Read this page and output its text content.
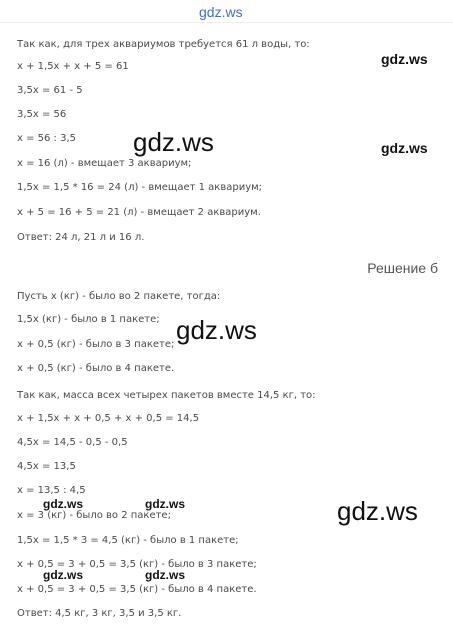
gdz.ws
Так как, для трех аквариумов требуется 61 л воды, то:
x + 1,5x + x + 5 = 61
3,5x = 61 - 5
3,5x = 56
x = 56 : 3,5
x = 16 (л) - вмещает 3 аквариум;
1,5x = 1,5 * 16 = 24 (л) - вмещает 1 аквариум;
x + 5 = 16 + 5 = 21 (л) - вмещает 2 аквариум.
Ответ: 24 л, 21 л и 16 л.
Решение б
Пусть x (кг) - было во 2 пакете, тогда:
1,5x (кг) - было в 1 пакете;
x + 0,5 (кг) - было в 3 пакете;
x + 0,5 (кг) - было в 4 пакете.
Так как, масса всех четырех пакетов вместе 14,5 кг, то:
x + 1,5x + x + 0,5 + x + 0,5 = 14,5
4,5x = 14,5 - 0,5 - 0,5
4,5x = 13,5
x = 13,5 : 4,5
x = 3 (кг) - было во 2 пакете;
1,5x = 1,5 * 3 = 4,5 (кг) - было в 1 пакете;
x + 0,5 = 3 + 0,5 = 3,5 (кг) - было в 3 пакете;
x + 0,5 = 3 + 0,5 = 3,5 (кг) - было в 4 пакете.
Ответ: 4,5 кг, 3 кг, 3,5 и 3,5 кг.
gdz.ws
gdz.ws	gdz.ws
gdz.ws
gdz.ws	gdz.ws	gdz.ws
gdz.ws	gdz.ws
